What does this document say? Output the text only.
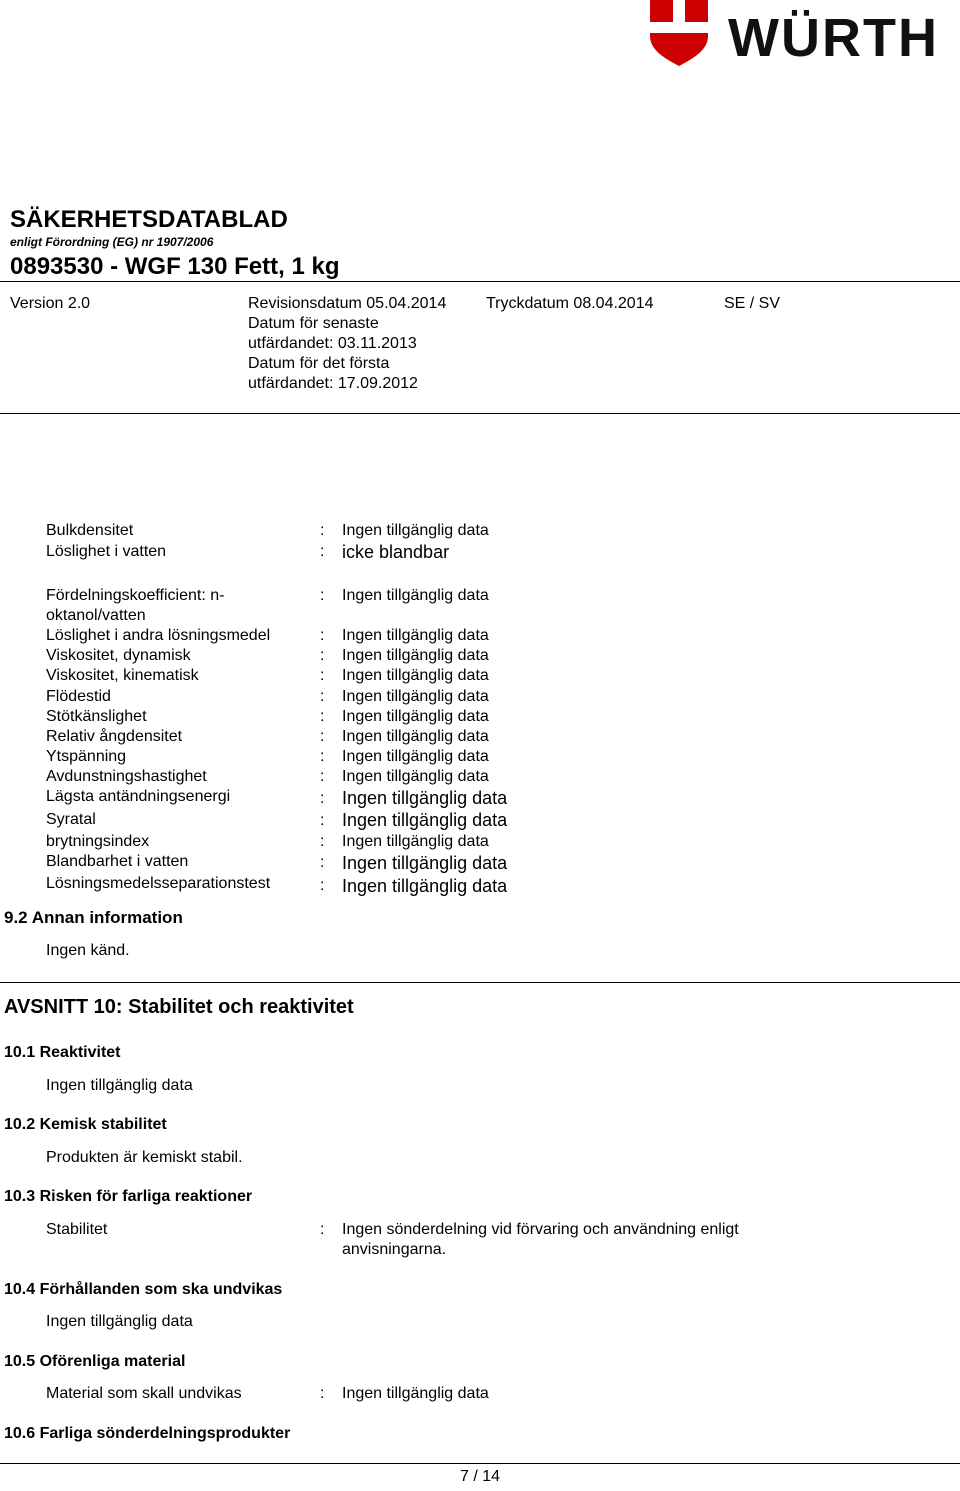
WÜRTH
SÄKERHETSDATABLAD
enligt Förordning (EG) nr 1907/2006
0893530 - WGF 130 Fett, 1 kg
Version 2.0	Revisionsdatum 05.04.2014
Datum för senaste
utfärdandet: 03.11.2013
Datum för det första
utfärdandet: 17.09.2012
Tryckdatum 08.04.2014	SE / SV
Bulkdensitet	: Ingen tillgänglig data
Löslighet i vatten	: icke blandbar
Fördelningskoefficient: n-
oktanol/vatten
: Ingen tillgänglig data
Löslighet i andra lösningsmedel	: Ingen tillgänglig data
Viskositet, dynamisk	: Ingen tillgänglig data
Viskositet, kinematisk	: Ingen tillgänglig data
Flödestid	: Ingen tillgänglig data
Stötkänslighet	: Ingen tillgänglig data
Relativ ångdensitet	: Ingen tillgänglig data
Ytspänning	: Ingen tillgänglig data
Avdunstningshastighet	: Ingen tillgänglig data
Lägsta antändningsenergi	: Ingen tillgänglig data
Syratal	: Ingen tillgänglig data
brytningsindex	: Ingen tillgänglig data
Blandbarhet i vatten	: Ingen tillgänglig data
Lösningsmedelsseparationstest	: Ingen tillgänglig data
9.2 Annan information
Ingen känd.
AVSNITT 10: Stabilitet och reaktivitet
10.1 Reaktivitet
Ingen tillgänglig data
10.2 Kemisk stabilitet
Produkten är kemiskt stabil.
10.3 Risken för farliga reaktioner
Stabilitet	: Ingen sönderdelning vid förvaring och användning enligt
anvisningarna.
10.4 Förhållanden som ska undvikas
Ingen tillgänglig data
10.5 Oförenliga material
Material som skall undvikas	: Ingen tillgänglig data
10.6 Farliga sönderdelningsprodukter
7 / 14
